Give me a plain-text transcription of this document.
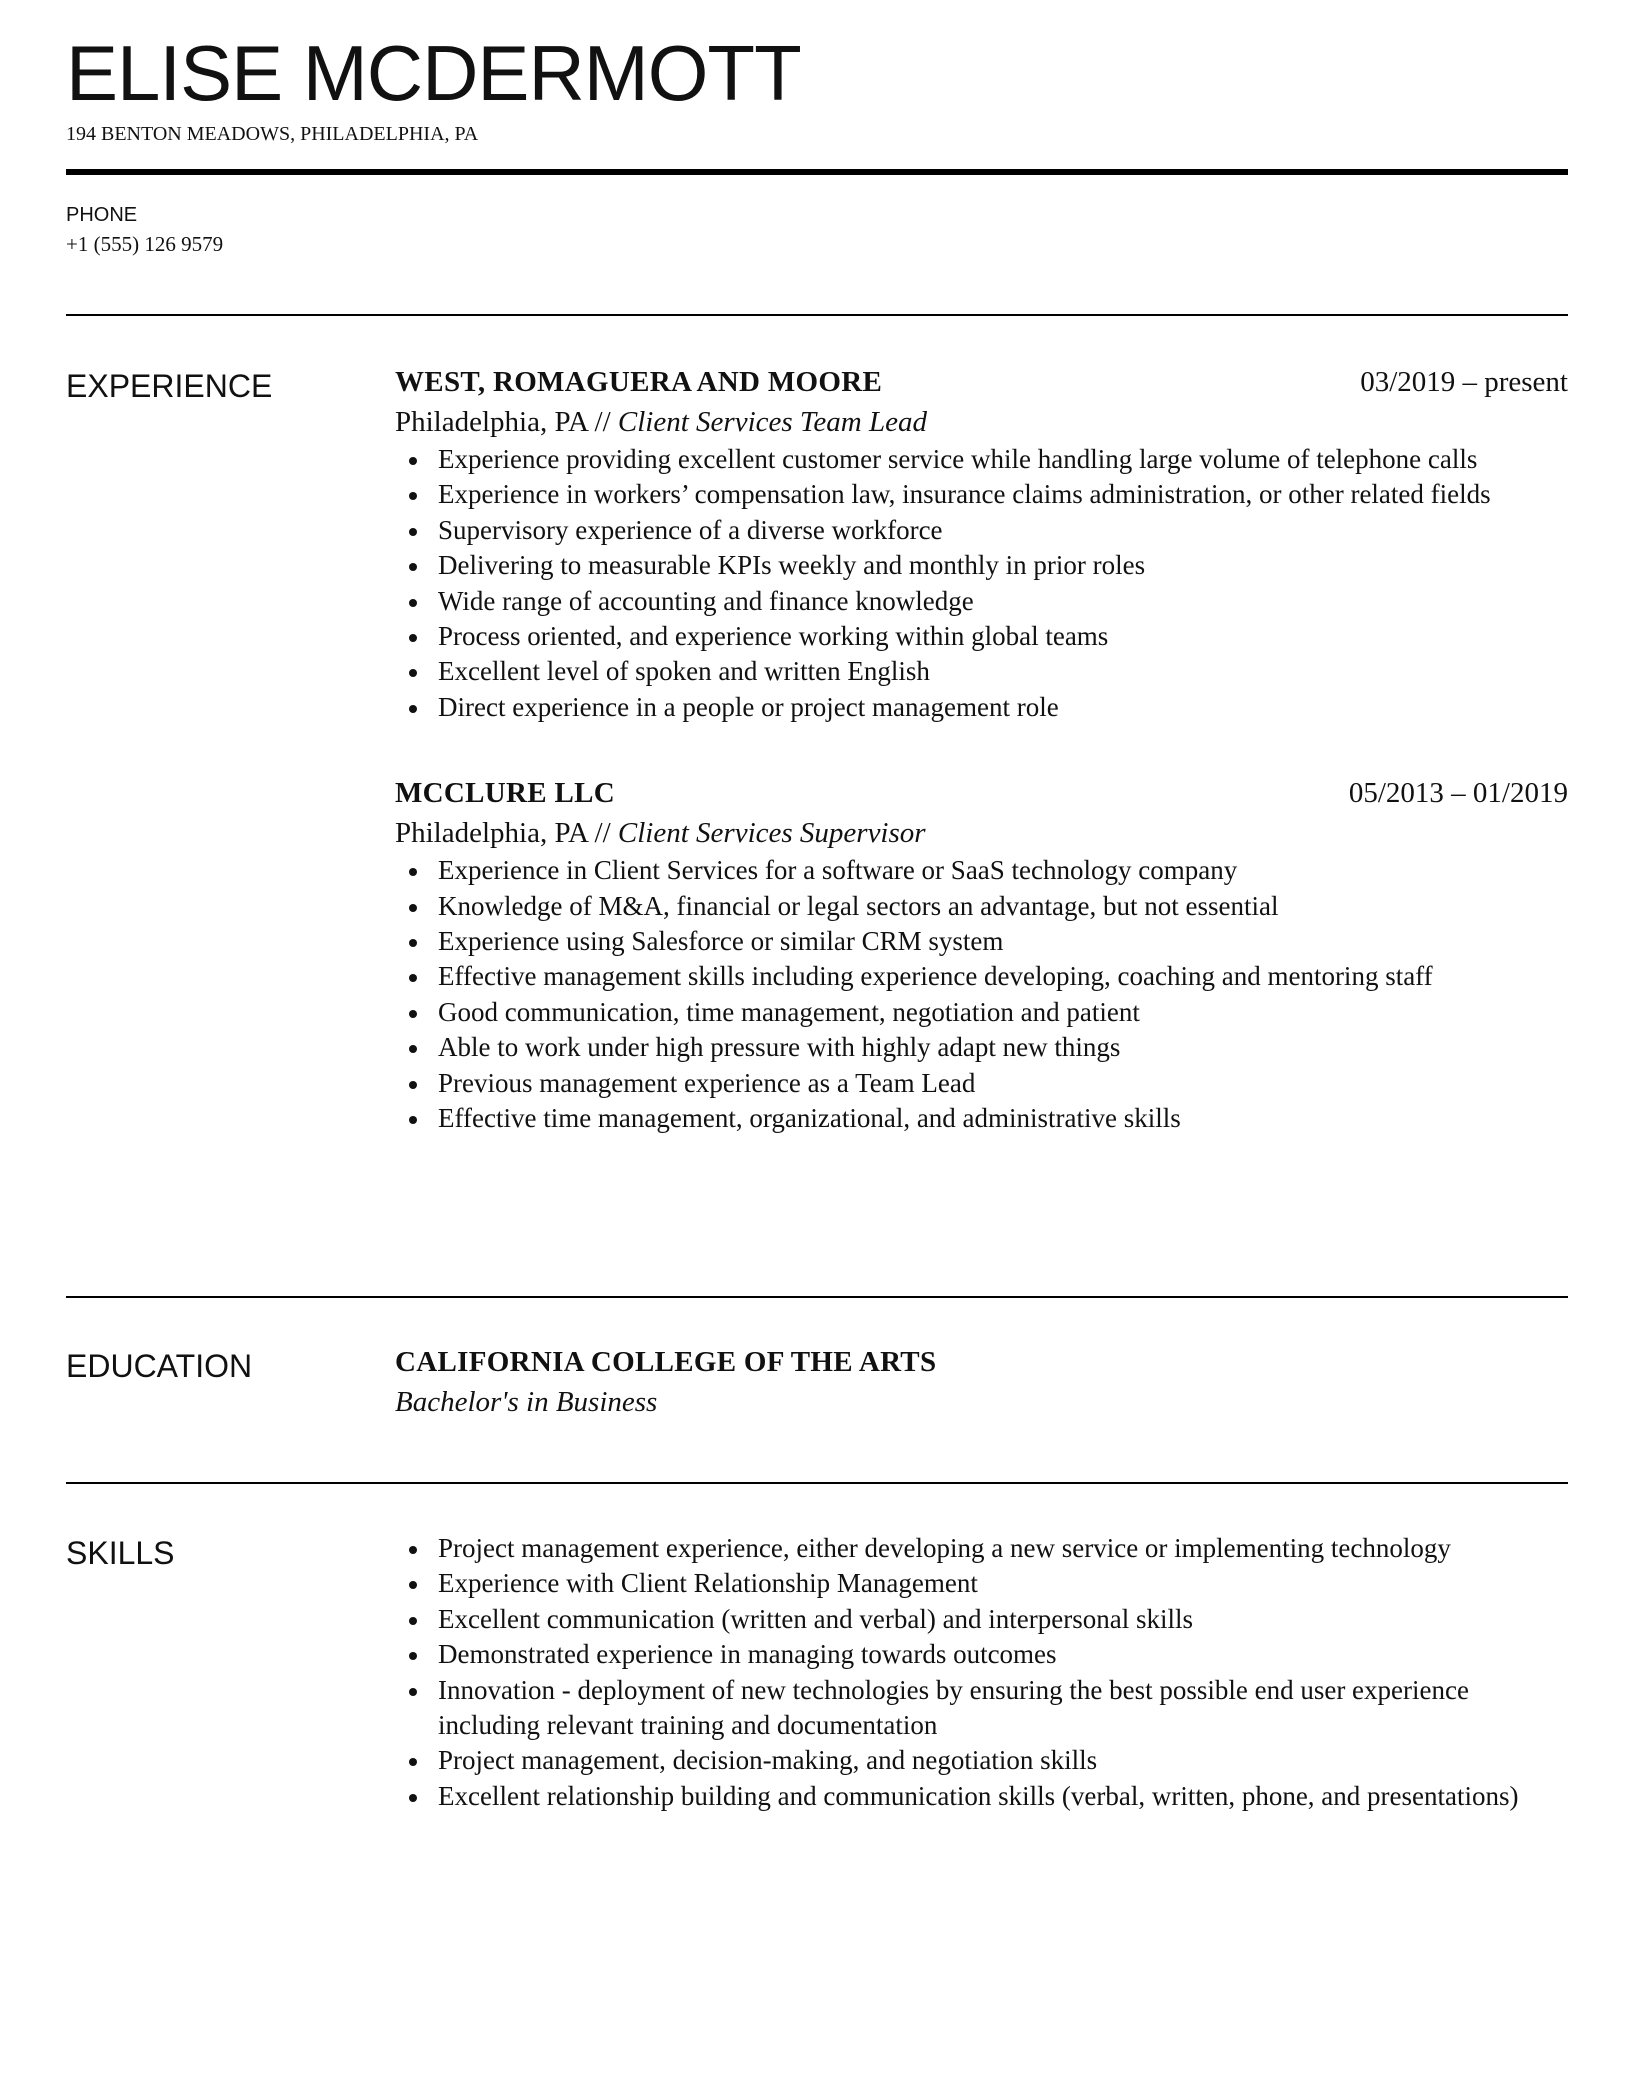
ELISE MCDERMOTT
194 BENTON MEADOWS, PHILADELPHIA, PA
PHONE
+1 (555) 126 9579
EXPERIENCE	WEST, ROMAGUERA AND MOORE	03/2019 – present
Philadelphia, PA // Client Services Team Lead
Experience providing excellent customer service while handling large volume of telephone calls
Experience in workers’ compensation law, insurance claims administration, or other related fields
Supervisory experience of a diverse workforce
Delivering to measurable KPIs weekly and monthly in prior roles
Wide range of accounting and finance knowledge
Process oriented, and experience working within global teams
Excellent level of spoken and written English
Direct experience in a people or project management role
MCCLURE LLC	05/2013 – 01/2019
Philadelphia, PA // Client Services Supervisor
Experience in Client Services for a software or SaaS technology company
Knowledge of M&A, financial or legal sectors an advantage, but not essential
Experience using Salesforce or similar CRM system
Effective management skills including experience developing, coaching and mentoring staff
Good communication, time management, negotiation and patient
Able to work under high pressure with highly adapt new things
Previous management experience as a Team Lead
Effective time management, organizational, and administrative skills
EDUCATION	CALIFORNIA COLLEGE OF THE ARTS
Bachelor's in Business
SKILLS	Project management experience, either developing a new service or implementing technology
Experience with Client Relationship Management
Excellent communication (written and verbal) and interpersonal skills
Demonstrated experience in managing towards outcomes
Innovation - deployment of new technologies by ensuring the best possible end user experience including relevant training and documentation
Project management, decision-making, and negotiation skills
Excellent relationship building and communication skills (verbal, written, phone, and presentations)
